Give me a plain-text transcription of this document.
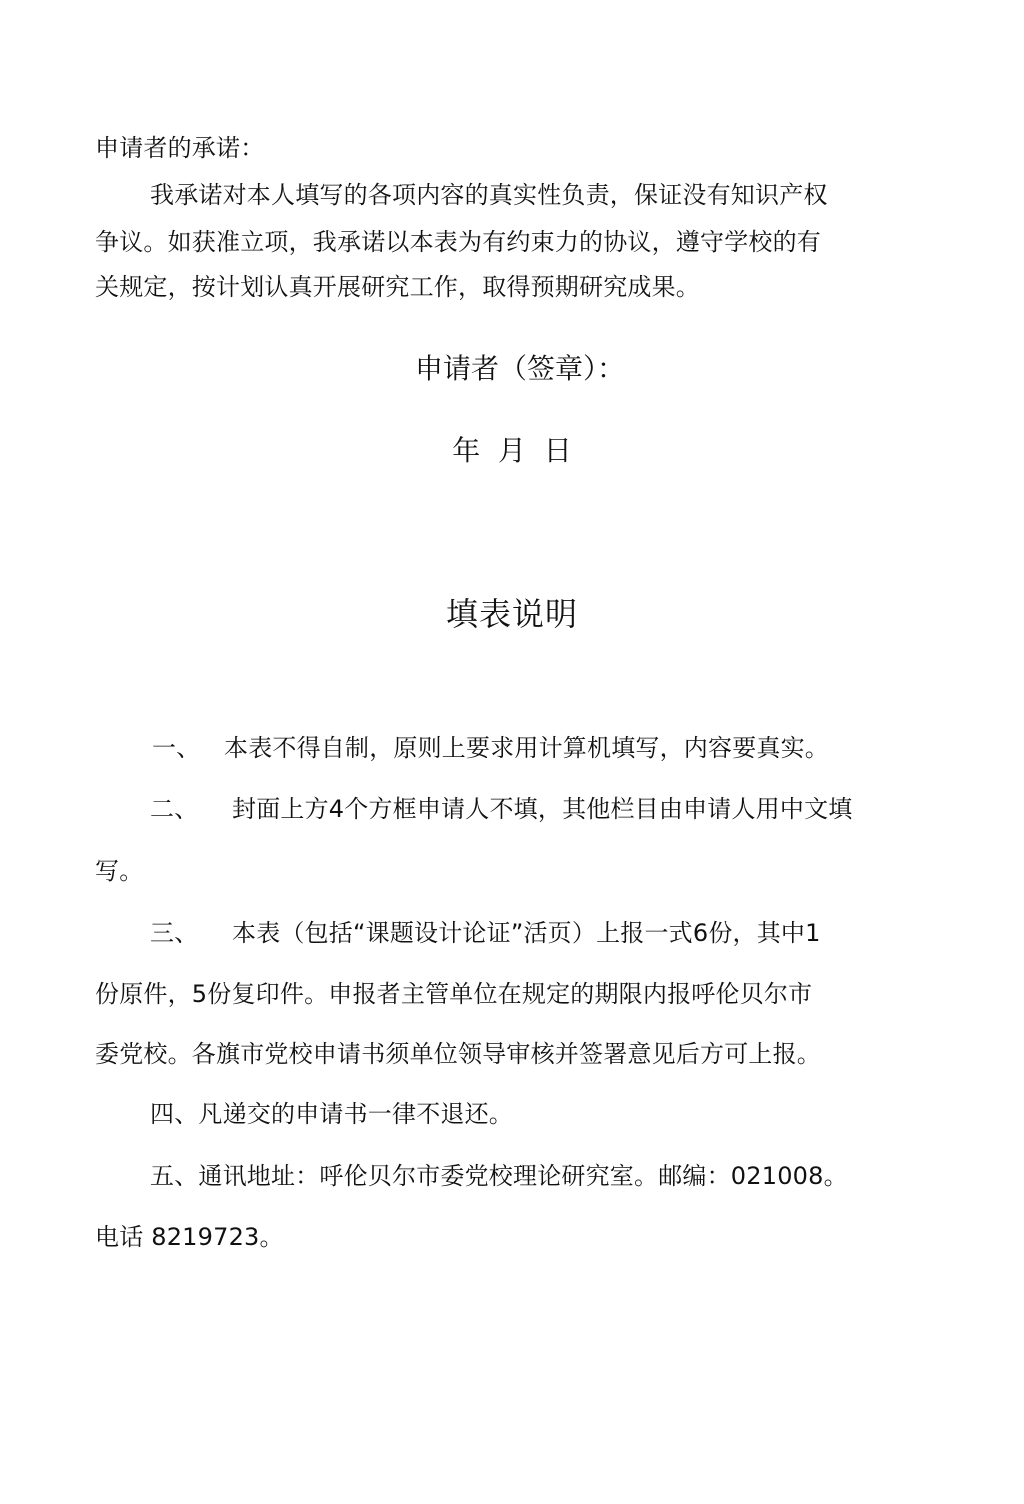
申请者的承诺：
我承诺对本人填写的各项内容的真实性负责，保证没有知识产权
争议。如获准立项，我承诺以本表为有约束力的协议，遵守学校的有
关规定，按计划认真开展研究工作，取得预期研究成果。
申请者（签章）：
年  月  日
填表说明
一、 本表不得自制，原则上要求用计算机填写，内容要真实。
二、 封面上方4个方框申请人不填，其他栏目由申请人用中文填
写。
三、 本表（包括“课题设计论证”活页）上报一式6份，其中1
份原件，5份复印件。申报者主管单位在规定的期限内报呼伦贝尔市
委党校。各旗市党校申请书须单位领导审核并签署意见后方可上报。
四、凡递交的申请书一律不退还。
五、通讯地址：呼伦贝尔市委党校理论研究室。邮编：021008。
电话 8219723。
